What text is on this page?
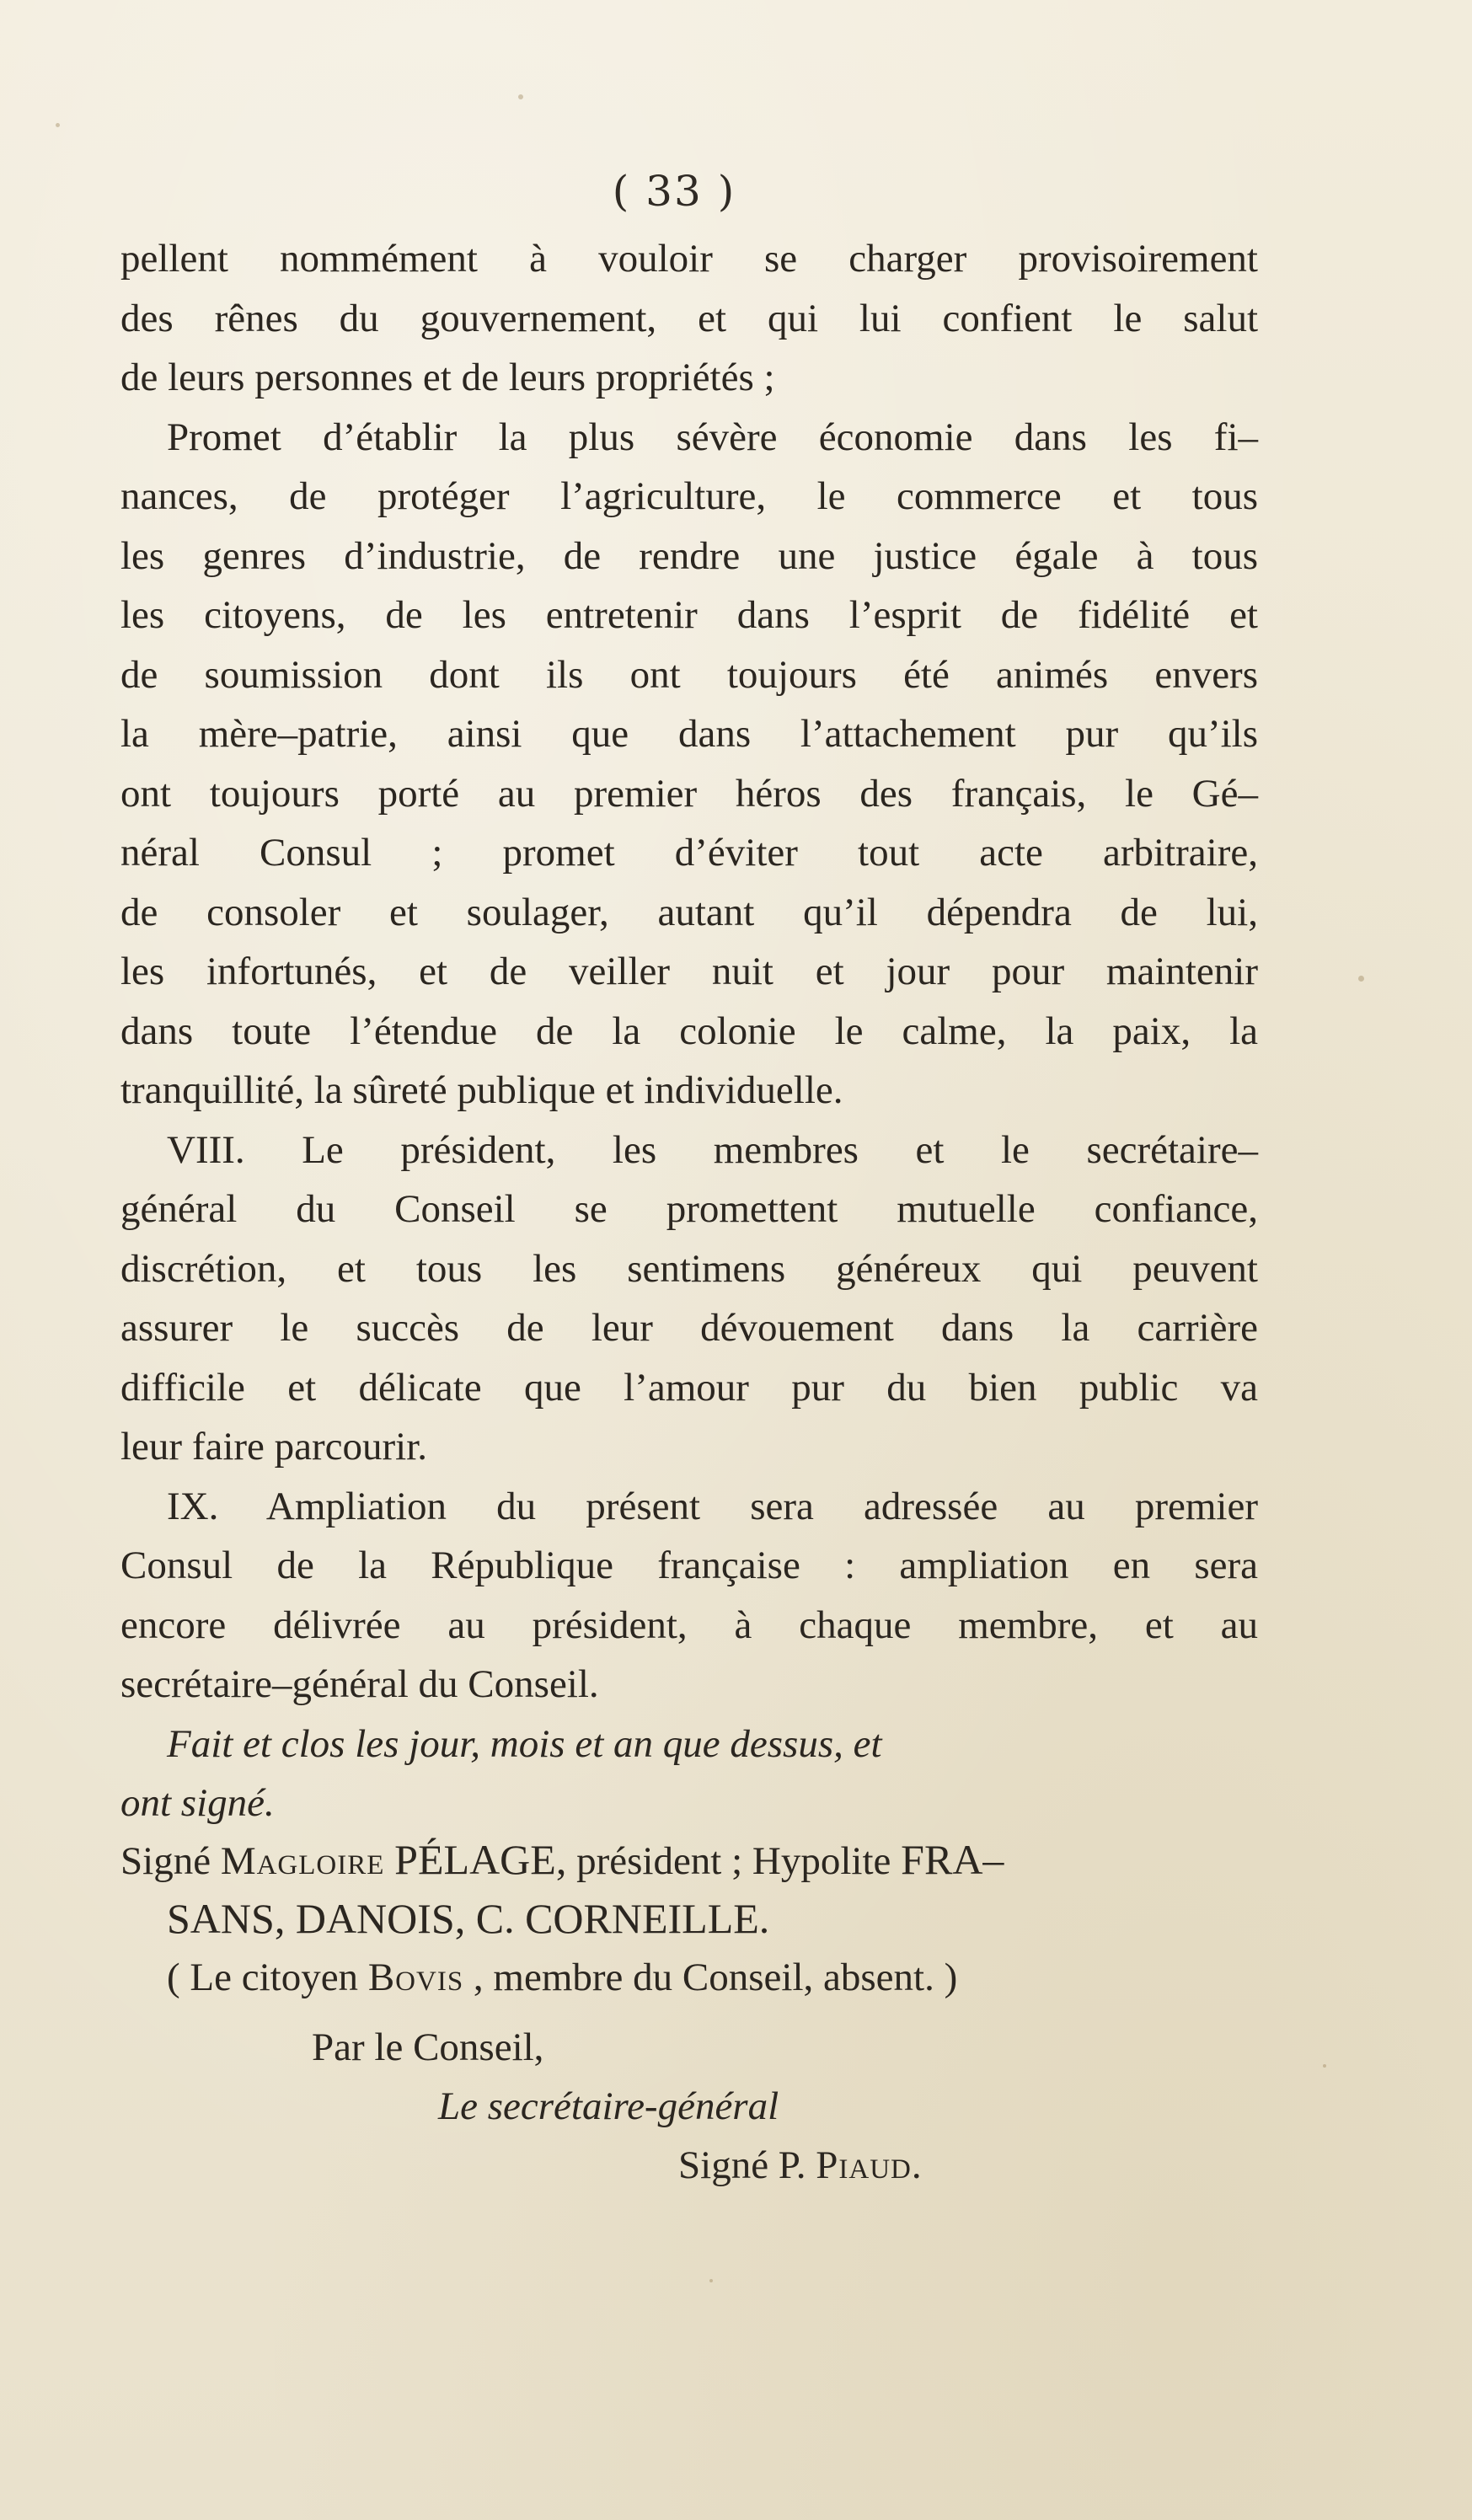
( 33 )
pellent nommément à vouloir se charger provisoirement
des rênes du gouvernement, et qui lui confient le salut
de leurs personnes et de leurs propriétés ;
Promet d’établir la plus sévère économie dans les fi–
nances, de protéger l’agriculture, le commerce et tous
les genres d’industrie, de rendre une justice égale à tous
les citoyens, de les entretenir dans l’esprit de fidélité et
de soumission dont ils ont toujours été animés envers
la mère–patrie, ainsi que dans l’attachement pur qu’ils
ont toujours porté au premier héros des français, le Gé–
néral Consul ; promet d’éviter tout acte arbitraire,
de consoler et soulager, autant qu’il dépendra de lui,
les infortunés, et de veiller nuit et jour pour maintenir
dans toute l’étendue de la colonie le calme, la paix, la
tranquillité, la sûreté publique et individuelle.
VIII. Le président, les membres et le secrétaire–
général du Conseil se promettent mutuelle confiance,
discrétion, et tous les sentimens généreux qui peuvent
assurer le succès de leur dévouement dans la carrière
difficile et délicate que l’amour pur du bien public va
leur faire parcourir.
IX. Ampliation du présent sera adressée au premier
Consul de la République française : ampliation en sera
encore délivrée au président, à chaque membre, et au
secrétaire–général du Conseil.
Fait et clos les jour, mois et an que dessus, et
ont signé.
Signé Magloire PÉLAGE, président ; Hypolite FRA–
SANS, DANOIS, C. CORNEILLE.
( Le citoyen Bovis , membre du Conseil, absent. )
Par le Conseil,
Le secrétaire-général
Signé P. Piaud.
